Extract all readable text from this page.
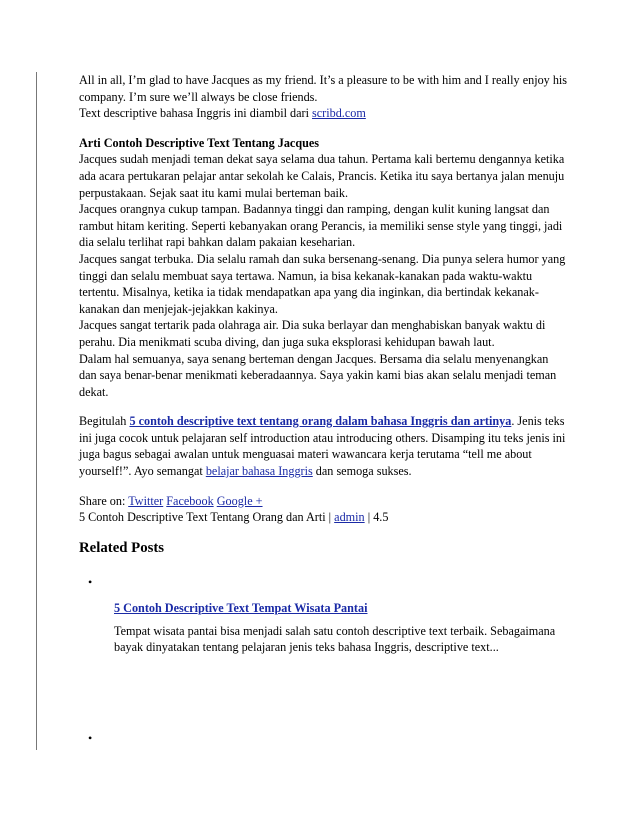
All in all, I’m glad to have Jacques as my friend. It’s a pleasure to be with him and I really enjoy his company. I’m sure we’ll always be close friends.

Text descriptive bahasa Inggris ini diambil dari scribd.com

Arti Contoh Descriptive Text Tentang Jacques

Jacques sudah menjadi teman dekat saya selama dua tahun. Pertama kali bertemu dengannya ketika ada acara pertukaran pelajar antar sekolah ke Calais, Prancis. Ketika itu saya bertanya jalan menuju perpustakaan. Sejak saat itu kami mulai berteman baik.

Jacques orangnya cukup tampan. Badannya tinggi dan ramping, dengan kulit kuning langsat dan rambut hitam keriting. Seperti kebanyakan orang Perancis, ia memiliki sense style yang tinggi, jadi dia selalu terlihat rapi bahkan dalam pakaian keseharian.

Jacques sangat terbuka. Dia selalu ramah dan suka bersenang-senang. Dia punya selera humor yang tinggi dan selalu membuat saya tertawa. Namun, ia bisa kekanak-kanakan pada waktu-waktu tertentu. Misalnya, ketika ia tidak mendapatkan apa yang dia inginkan, dia bertindak kekanak-kanakan dan menjejak-jejakkan kakinya.

Jacques sangat tertarik pada olahraga air. Dia suka berlayar dan menghabiskan banyak waktu di perahu. Dia menikmati scuba diving, dan juga suka eksplorasi kehidupan bawah laut.

Dalam hal semuanya, saya senang berteman dengan Jacques. Bersama dia selalu menyenangkan dan saya benar-benar menikmati keberadaannya. Saya yakin kami bias akan selalu menjadi teman dekat.

Begitulah 5 contoh descriptive text tentang orang dalam bahasa Inggris dan artinya. Jenis teks ini juga cocok untuk pelajaran self introduction atau introducing others. Disamping itu teks jenis ini juga bagus sebagai awalan untuk menguasai materi wawancara kerja terutama “tell me about yourself!”. Ayo semangat belajar bahasa Inggris dan semoga sukses.

Share on: Twitter Facebook Google +

5 Contoh Descriptive Text Tentang Orang dan Arti | admin | 4.5

Related Posts

•

5 Contoh Descriptive Text Tempat Wisata Pantai

Tempat wisata pantai bisa menjadi salah satu contoh descriptive text terbaik. Sebagaimana bayak dinyatakan tentang pelajaran jenis teks bahasa Inggris, descriptive text...

•
